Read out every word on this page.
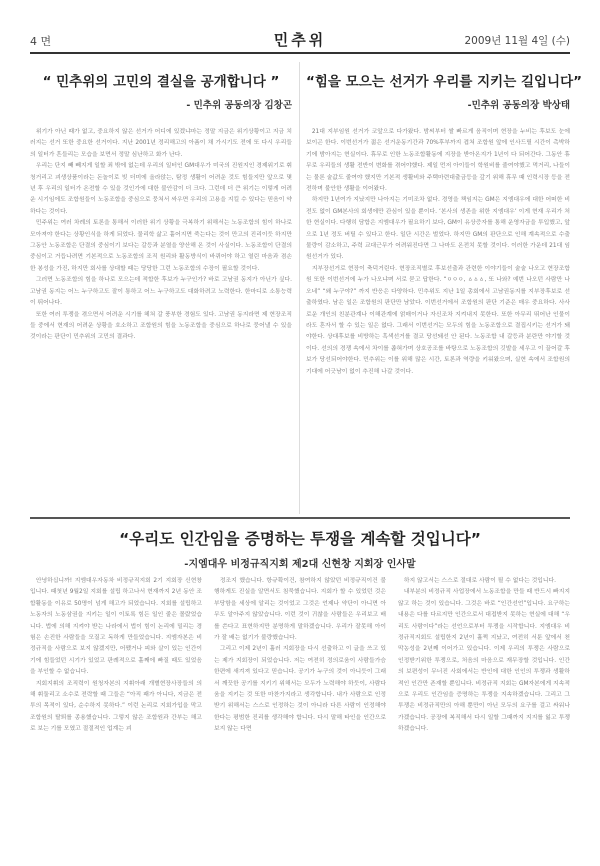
4 면	민추위	2009년 11월 4일 (수)
“ 민추위의 고민의 결실을 공개합니다 ”
- 민추위 공동의장 김창곤

위기가 아닌 때가 없고, 중요하지 않은 선거가 어디에 있겠냐마는 정말 지금은 위기상황이고 지금 치러지는 선거 또한 중요한 선거이다. 지난 2001년 정리해고의 아픔이 채 가시기도 전에 또 다시 우리들의 일터가 흔들리는 모습을 보면서 정말 심난하고 화가 난다.

우리는 단지 빼 빼지게 일할 죄 밖에 없는데 우리의 일터인 GM대우가 미국의 진원지인 경제위기로 휘청거리고 괴생상품이라는 돈놀이로 빚 더미에 올라앉는, 탐정 생활이 어려운 것도 힘들지만 앞으로 몇 년 후 우리의 일터가 온전할 수 있을 것인가에 대한 불안감이 더 크다. 그런데 더 큰 위기는 이렇게 어려운 시기임에도 조합원들이 노동조합을 중심으로 뭉쳐서 싸우면 우리의 고용을 지킬 수 있다는 믿음이 약하다는 것이다.

민주위는 여러 차례의 토론을 통해서 이러한 위기 상황을 극복하기 위해서는 노동조합의 힘이 하나로 모아져야 한다는 상황인식을 하게 되었다. 물리학 삶고 흩어지면 죽는다는 것이 만고의 진리이듯 하지만 그동안 노동조합은 단결의 중심이기 보다는 갈등과 분열을 양산해 온 것이 사실이다. 노동조합이 단결의 중심이고 거듭나려면 기본적으로 노동조합의 조직 원리와 활동방식이 바뀌어야 하고 열린 마음과 겸손한 봉성을 가진, 하지만 회사를 상대할 때는 당당한 그런 노동조합의 수장이 필요할 것이다.

그러면 노동조합의 힘을 하나로 모으는데 적합한 후보가 누구인가? 바로 고남권 동지가 아닌가 싶다. 고남권 동지는 어느 누구하고도 잘이 통하고 어느 누구하고도 대화하려고 노력한다. 한마디로 소통능력이 뛰어나다.

또한 여러 투쟁을 겪으면서 어려운 시기를 헤쳐 갈 풍부한 경험도 있다. 고남권 동지라면 제 현장조직들 중에서 현재의 어려운 상황을 호소하고 조합원의 힘을 노동조합을 중심으로 하나로 뭉어낼 수 있을 것이라는 판단이 민추위의 고민의 결과다.

“힘을 모으는 선거가 우리를 지키는 길입니다”
-민추위 공동의장 박상태

21대 지부임원 선거가 코앞으로 다가왔다. 밤씨부터 쌀 빠르게 음직이며 현장을 누비는 후보도 눈에 보이곤 한다. 이번선거가 젊은 선거운동기간과 70%후부까지 겹쳐 조합원 앞에 인사드릴 시간이 촉박하기에 밤아지는 현실이다. 휴무로 인한 노동조합활동에 지장을 받아온지가 1년이 다 되어간다. 그동안 휴무로 우리들의 생활 전반이 변화를 겪어야했다. 제일 먼저 아이들이 학원비를 줄여야했고 먹거리, 나들이는 물론 술값도 줄여야 했지만 기본적 생활비와 주택마련대출금등을 갚기 위해 휴무 때 인력시장 등을 전전하며 불안한 생활을 이어왔다.

하지만 1년여가 지났지만 나아지는 기미조차 없다. 경영을 책임지는 GM은 지엠대우에 대한 어떠한 비전도 없이 GM본사의 회생에만 관심이 있을 뿐이다. ‘본사의 생존을 위한 지엠대우’ 이게 현재 우리가 처한 현실이다. 다행히 담합은 지엠대우가 필요하기 보다, GM이 유상증자를 통해 운영자금을 투입했고, 앞으로 1년 정도 버틸 수 있다고 한다. 일단 시간은 벌었다. 하지만 GM의 판단으로 인해 계속적으로 수출물량이 감소하고, 주력 교대근무가 어려워진다면 그 나마도 온전치 못할 것이다. 이러한 가운데 21대 임원선거가 있다.

지부장선거로 현장이 축덕거린다. 현장조직별로 후보선출과 관련한 이야기들이 술술 나오고 현장조합원 또한 이번선거에 누가 나오냐며 서로 묻고 답한다. “ㅇㅇㅇ, ㅿㅿㅿ, 또 나와? 예번 나오던 사람만 나오네” “왜 누구야?” 까지 반응은 다양하다. 민추위도 지난 1일 총회에서 고남권동지를 지부장후보로 선출하였다. 남은 일은 조합원의 판단만 남았다. 이번선거에서 조합원의 판단 기준은 매우 중요하다. 사사로운 개인의 친분관계나 이해관계에 얽매이거나 자신조차 지켜내지 못한다. 또한 아무리 뛰어난 인물이라도 혼자서 할 수 있는 일은 없다. 그래서 이번선거는 모두의 힘을 노동조합으로 결집시키는 선거가 돼야한다. 상대후보를 비방하는 흑색선거를 결코 당선돼선 안 된다. 노동조합 내 갈등과 분란만 야기할 것이다. 선의의 경쟁 속에서 차이를 좁혀가며 상호공조를 바탕으로 노동조합의 깃발을 세우고 이 끌어갈 후보가 당선되어야한다. 민추위는 이를 위해 많은 시간, 토론과 역량을 키워왔으며, 실현 속에서 조합원의 기대에 어긋남이 없이 추진해 나갈 것이다.

“우리도 인간임을 증명하는 투쟁을 계속할 것입니다”
-지엠대우 비정규직지회 제2대 신현창 지회장 인사말

안녕하십니까! 지엠대우자동차 비정규직지회 2기 지회장 신현창입니다. 때첫년 9월2일 지회를 설립 하고나서 현재까지 2년 동안 조합활동을 이유로 50명이 넘게 해고가 되었습니다. 지회를 설립하고 노동자의 노동삼권을 지키는 일이 이토록 힘든 일인 줄은 몰랐었습니다. 법에 의해 지켜야 받는 나라에서 법이 힘이 논리에 밀리는 경험은 손진한 사람들을 모질고 독하게 만들었습니다. 지엠자본은 비정규직을 사람으로 보지 않겠지만, 어쨌거나 피와 살이 있는 인간이기에 힘들었던 시기가 있었고 판례적으로 흩째에 빠질 때도 있었음을 부인할 수 없습니다.

지회지휘의 조직력이 원청자본의 지휘아래 개별현장사장들의 의해 휘둘리고 소수로 전락할 때 그들은 “아직 패가 아니다, 지금은 전투의 목적이 있다, 순수하지 못하다.” 이런 논리로 지회가입을 막고 조합원의 탈퇴를 종용했습니다. 그렇지 않은 조합원과 간부는 해고로 보는 기를 모였고 절절적인 업계는 괴

정조지 했습니다. 항규확이건, 참여하지 않았던 비정규직이건 불행하게도 진실을 알면서도 침묵했습니다. 지회가 할 수 있었던 것은 부당함을 세상에 알리는 것이었고 그것은 언제나 약단이 아니면 아무도 알아주지 않았습니다. 이런 것이 귀찮을 사람들은 우리보고 배를 쓴다고 표현하지만 분명하게 말하겠습니다. 우리가 잘못해 아이가 잘 배는 없기가 불량했습니다.

그리고 이제 2년이 흘러 지회장을 다시 선출하고 이 글을 쓰고 있는 제가 지회장이 되었습니다. 저는 여전히 정의로움이 사람들가슴한편에 새겨져 있다고 믿습니다. 공기가 누구의 것이 아니듯이 그래서 깨끗한 공기를 지키기 위해서는 모두가 노력해야 하듯이, 사람다움을 지키는 것 또한 마찬가지라고 생각합니다. 내가 사람으로 인정받기 위해서는 스스로 인정하는 것이 아니라 다른 사람이 인정해야 한다는 평범한 진리를 생각해야 합니다. 다시 말해 타인을 인간으로 보지 않는 다면

하지 않고서는 스스로 절대로 사람이 될 수 없다는 것입니다.

내부분의 비정규직 사업장에서 노동조합을 만들 때 반드시 빠지지 않고 하는 것이 있습니다. 그것은 바로 “인간선언”입니다. 요구하는 내용은 다를 다르지만 인간으로서 대접받지 못하는 현실에 대해 “우리도 사람이다”라는 선언으로부터 투쟁을 시작합니다. 지엠대우 비정규직지회도 설립한지 2년이 흘쩍 지났고, 여전히 서툰 앞에서 천막농성을 2년째 이어가고 있습니다. 이제 우리의 투쟁은 사람으로 인정받기위한 투쟁으로, 처음의 마음으로 재무장할 것입니다. 인간의 보편성이 무너진 사회에서는 반인에 대한 인인의 투쟁과 생활하적인 인간만 존재할 뿐입니다. 비정규직 지회는 GM자본에게 지속적으로 우리도 인간임을 증명하는 투쟁을 지속하겠습니다. 그리고 그 투쟁은 비정규직만의 아해 뿐만이 아닌 모두의 요구를 걸고 싸워나가겠습니다. 공장에 복직해서 다시 일할 그때까지 지지를 잃고 투쟁하겠습니다.
